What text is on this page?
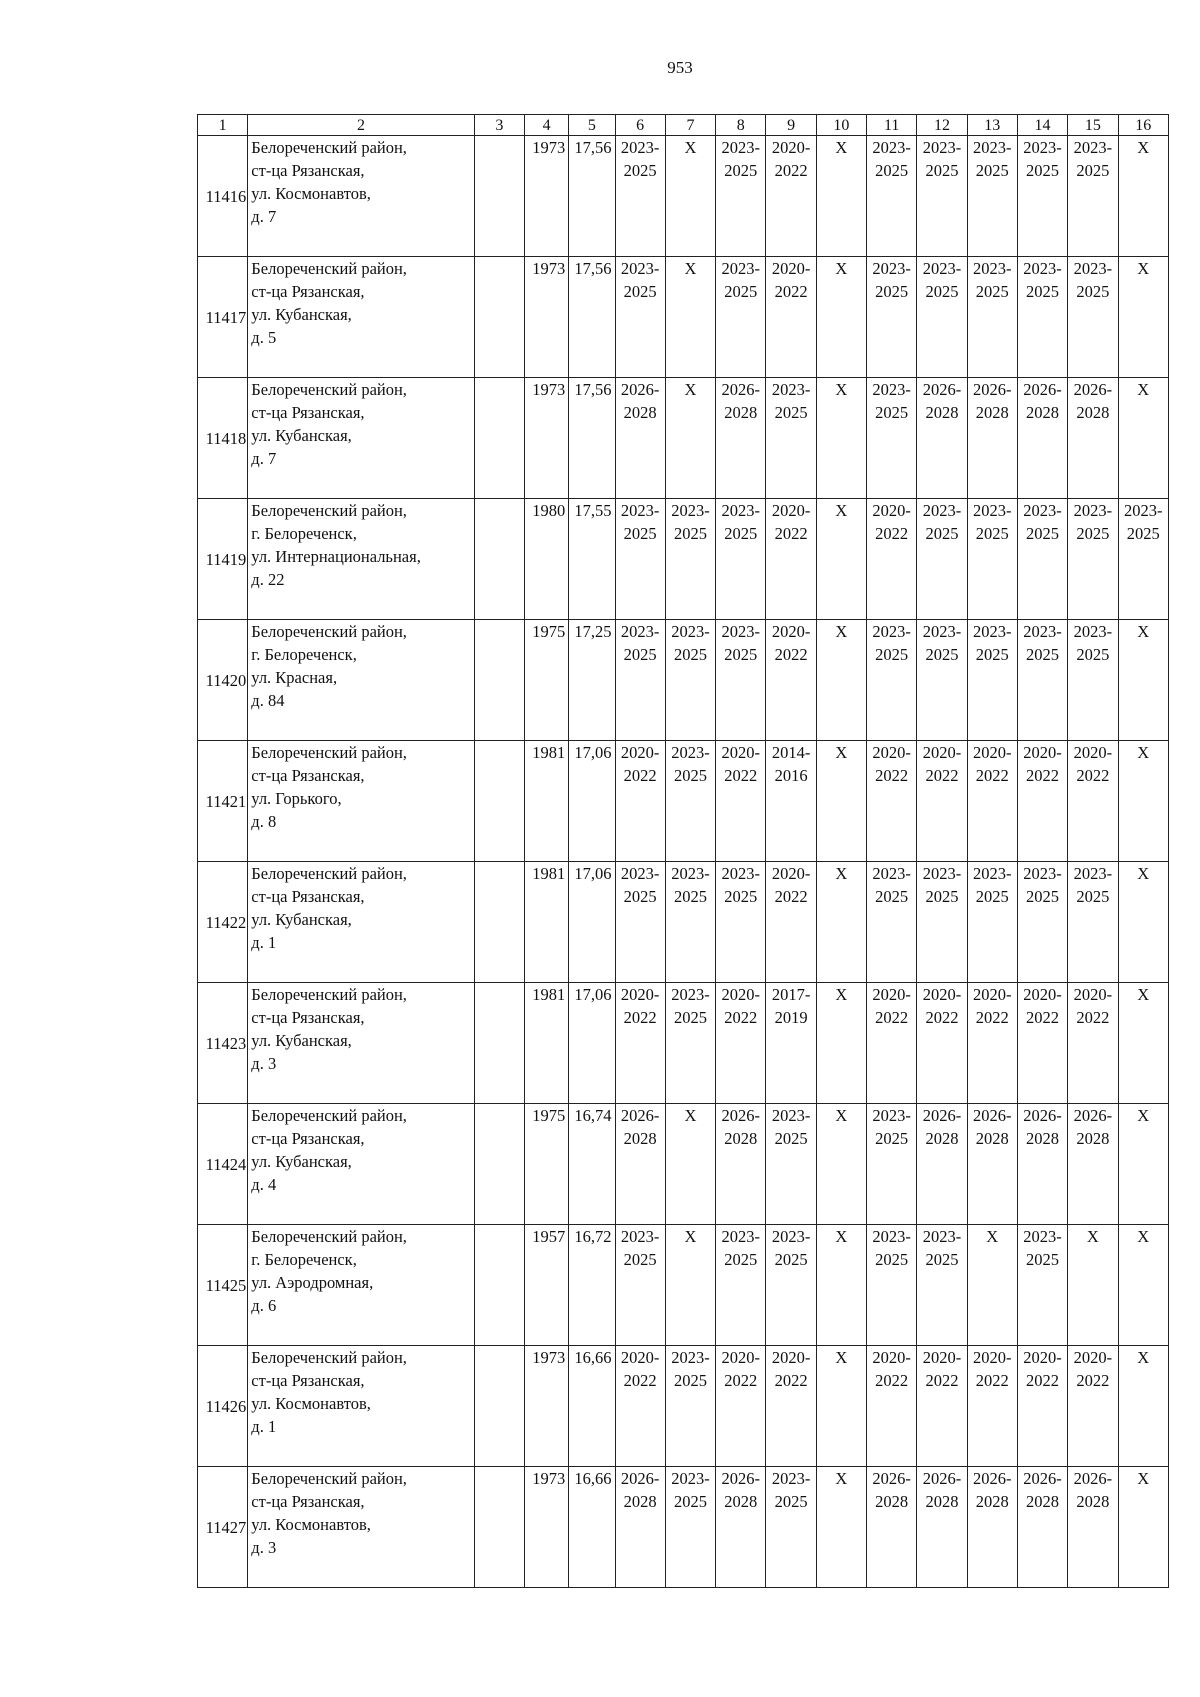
953
1	2	3	4	5	6	7	8	9	10	11	12	13	14	15	16
11416	Белореченский район,
ст-ца Рязанская,
ул. Космонавтов,
д. 7		1973	17,56	2023-
2025	Х	2023-
2025	2020-
2022	Х	2023-
2025	2023-
2025	2023-
2025	2023-
2025	2023-
2025	Х

11417	Белореченский район,
ст-ца Рязанская,
ул. Кубанская,
д. 5		1973	17,56	2023-
2025	Х	2023-
2025	2020-
2022	Х	2023-
2025	2023-
2025	2023-
2025	2023-
2025	2023-
2025	Х

11418	Белореченский район,
ст-ца Рязанская,
ул. Кубанская,
д. 7		1973	17,56	2026-
2028	Х	2026-
2028	2023-
2025	Х	2023-
2025	2026-
2028	2026-
2028	2026-
2028	2026-
2028	Х

11419	Белореченский район,
г. Белореченск,
ул. Интернациональная,
д. 22		1980	17,55	2023-
2025	2023-
2025	2023-
2025	2020-
2022	Х	2020-
2022	2023-
2025	2023-
2025	2023-
2025	2023-
2025	2023-
2025

11420	Белореченский район,
г. Белореченск,
ул. Красная,
д. 84		1975	17,25	2023-
2025	2023-
2025	2023-
2025	2020-
2022	Х	2023-
2025	2023-
2025	2023-
2025	2023-
2025	2023-
2025	Х

11421	Белореченский район,
ст-ца Рязанская,
ул. Горького,
д. 8		1981	17,06	2020-
2022	2023-
2025	2020-
2022	2014-
2016	Х	2020-
2022	2020-
2022	2020-
2022	2020-
2022	2020-
2022	Х

11422	Белореченский район,
ст-ца Рязанская,
ул. Кубанская,
д. 1		1981	17,06	2023-
2025	2023-
2025	2023-
2025	2020-
2022	Х	2023-
2025	2023-
2025	2023-
2025	2023-
2025	2023-
2025	Х

11423	Белореченский район,
ст-ца Рязанская,
ул. Кубанская,
д. 3		1981	17,06	2020-
2022	2023-
2025	2020-
2022	2017-
2019	Х	2020-
2022	2020-
2022	2020-
2022	2020-
2022	2020-
2022	Х

11424	Белореченский район,
ст-ца Рязанская,
ул. Кубанская,
д. 4		1975	16,74	2026-
2028	Х	2026-
2028	2023-
2025	Х	2023-
2025	2026-
2028	2026-
2028	2026-
2028	2026-
2028	Х

11425	Белореченский район,
г. Белореченск,
ул. Аэродромная,
д. 6		1957	16,72	2023-
2025	Х	2023-
2025	2023-
2025	Х	2023-
2025	2023-
2025	Х	2023-
2025	Х	Х

11426	Белореченский район,
ст-ца Рязанская,
ул. Космонавтов,
д. 1		1973	16,66	2020-
2022	2023-
2025	2020-
2022	2020-
2022	Х	2020-
2022	2020-
2022	2020-
2022	2020-
2022	2020-
2022	Х

11427	Белореченский район,
ст-ца Рязанская,
ул. Космонавтов,
д. 3		1973	16,66	2026-
2028	2023-
2025	2026-
2028	2023-
2025	Х	2026-
2028	2026-
2028	2026-
2028	2026-
2028	2026-
2028	Х
